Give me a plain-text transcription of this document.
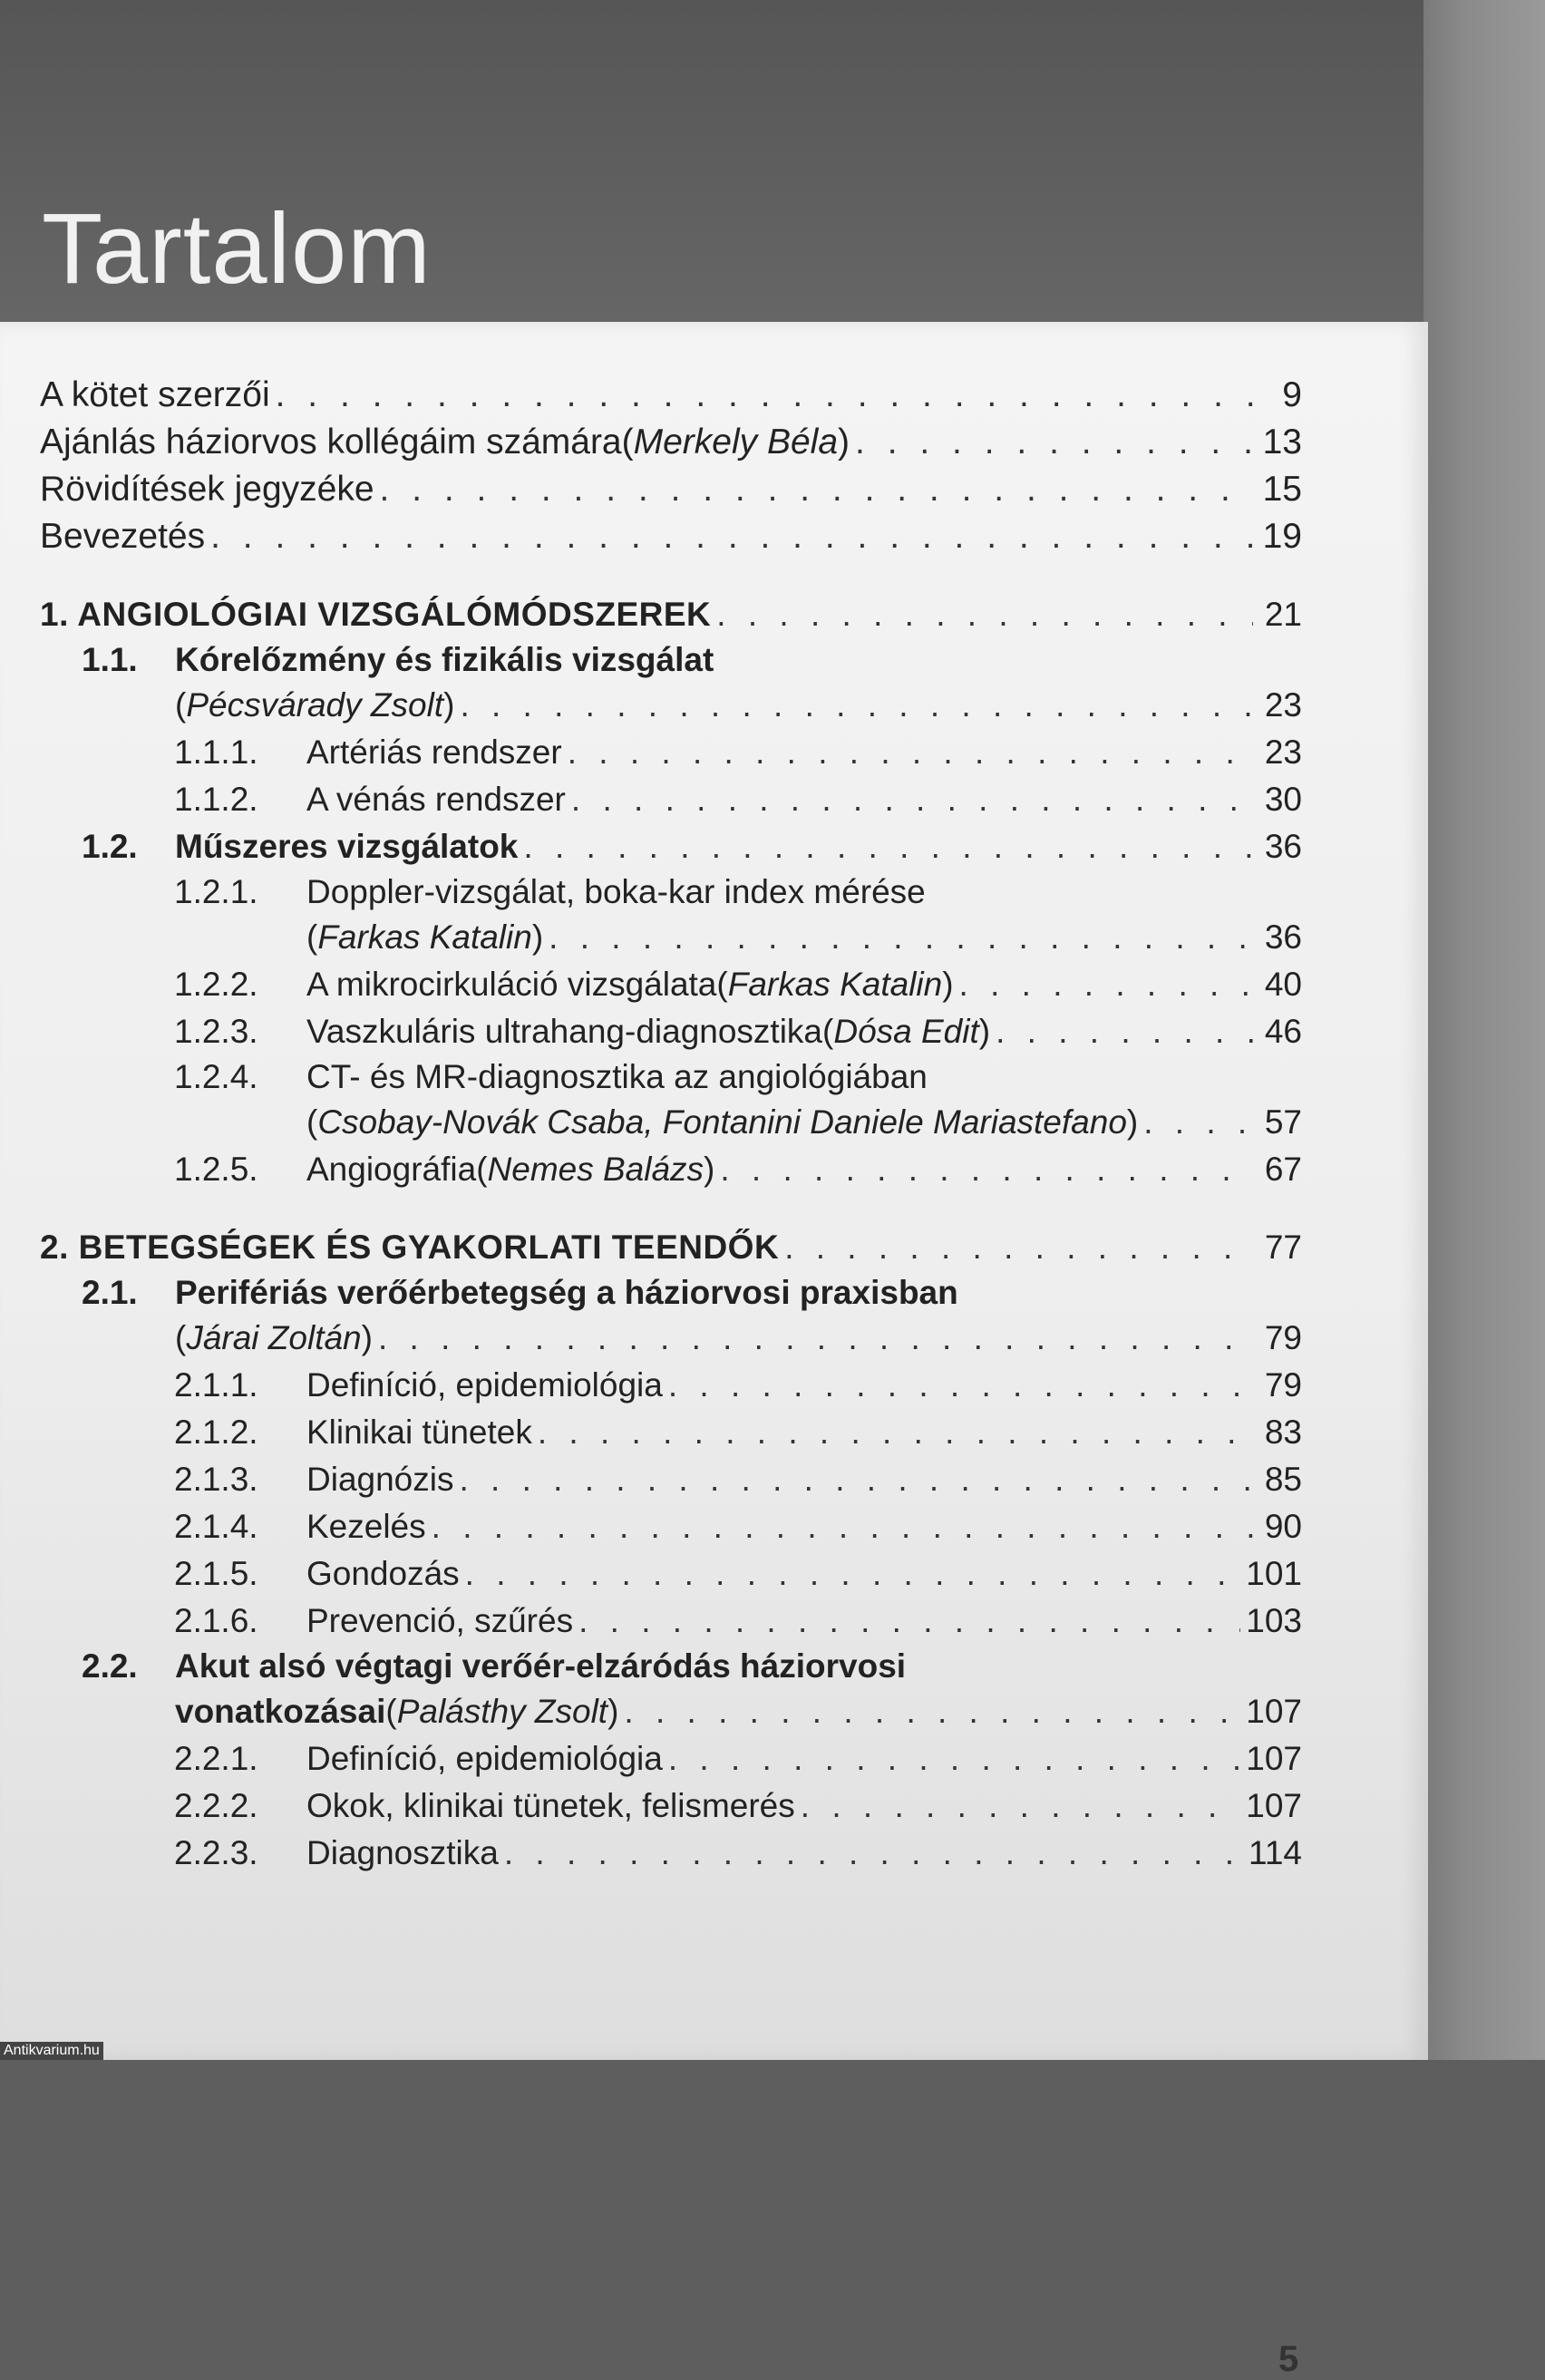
Tartalom
A kötet szerzői . . .	9
Ajánlás háziorvos kollégáim számára ( Merkely Béla ) . . .	13
Rövidítések jegyzéke . . .	15
Bevezetés . . .	19
1. ANGIOLÓGIAI VIZSGÁLÓMÓDSZEREK . . .	21
1.1.	Kórelőzmény és fizikális vizsgálat
( Pécsvárady Zsolt ) . . .	23
1.1.1.	Artériás rendszer . . .	23
1.1.2.	A vénás rendszer . . .	30
1.2.	Műszeres vizsgálatok . . .	36
1.2.1.	Doppler-vizsgálat, boka-kar index mérése
( Farkas Katalin ) . . .	36
1.2.2.	A mikrocirkuláció vizsgálata ( Farkas Katalin ) . . .	40
1.2.3.	Vaszkuláris ultrahang-diagnosztika ( Dósa Edit ) . . .	46
1.2.4.	CT- és MR-diagnosztika az angiológiában
( Csobay-Novák Csaba, Fontanini Daniele Mariastefano ) . . .	57
1.2.5.	Angiográfia ( Nemes Balázs ) . . .	67
2. BETEGSÉGEK ÉS GYAKORLATI TEENDŐK . . .	77
2.1.	Perifériás verőérbetegség a háziorvosi praxisban
( Járai Zoltán ) . . .	79
2.1.1.	Definíció, epidemiológia . . .	79
2.1.2.	Klinikai tünetek . . .	83
2.1.3.	Diagnózis . . .	85
2.1.4.	Kezelés . . .	90
2.1.5.	Gondozás . . .	101
2.1.6.	Prevenció, szűrés . . .	103
2.2.	Akut alsó végtagi verőér-elzáródás háziorvosi
vonatkozásai ( Palásthy Zsolt ) . . .	107
2.2.1.	Definíció, epidemiológia . . .	107
2.2.2.	Okok, klinikai tünetek, felismerés . . .	107
2.2.3.	Diagnosztika . . .	114
5
Antikvarium.hu
